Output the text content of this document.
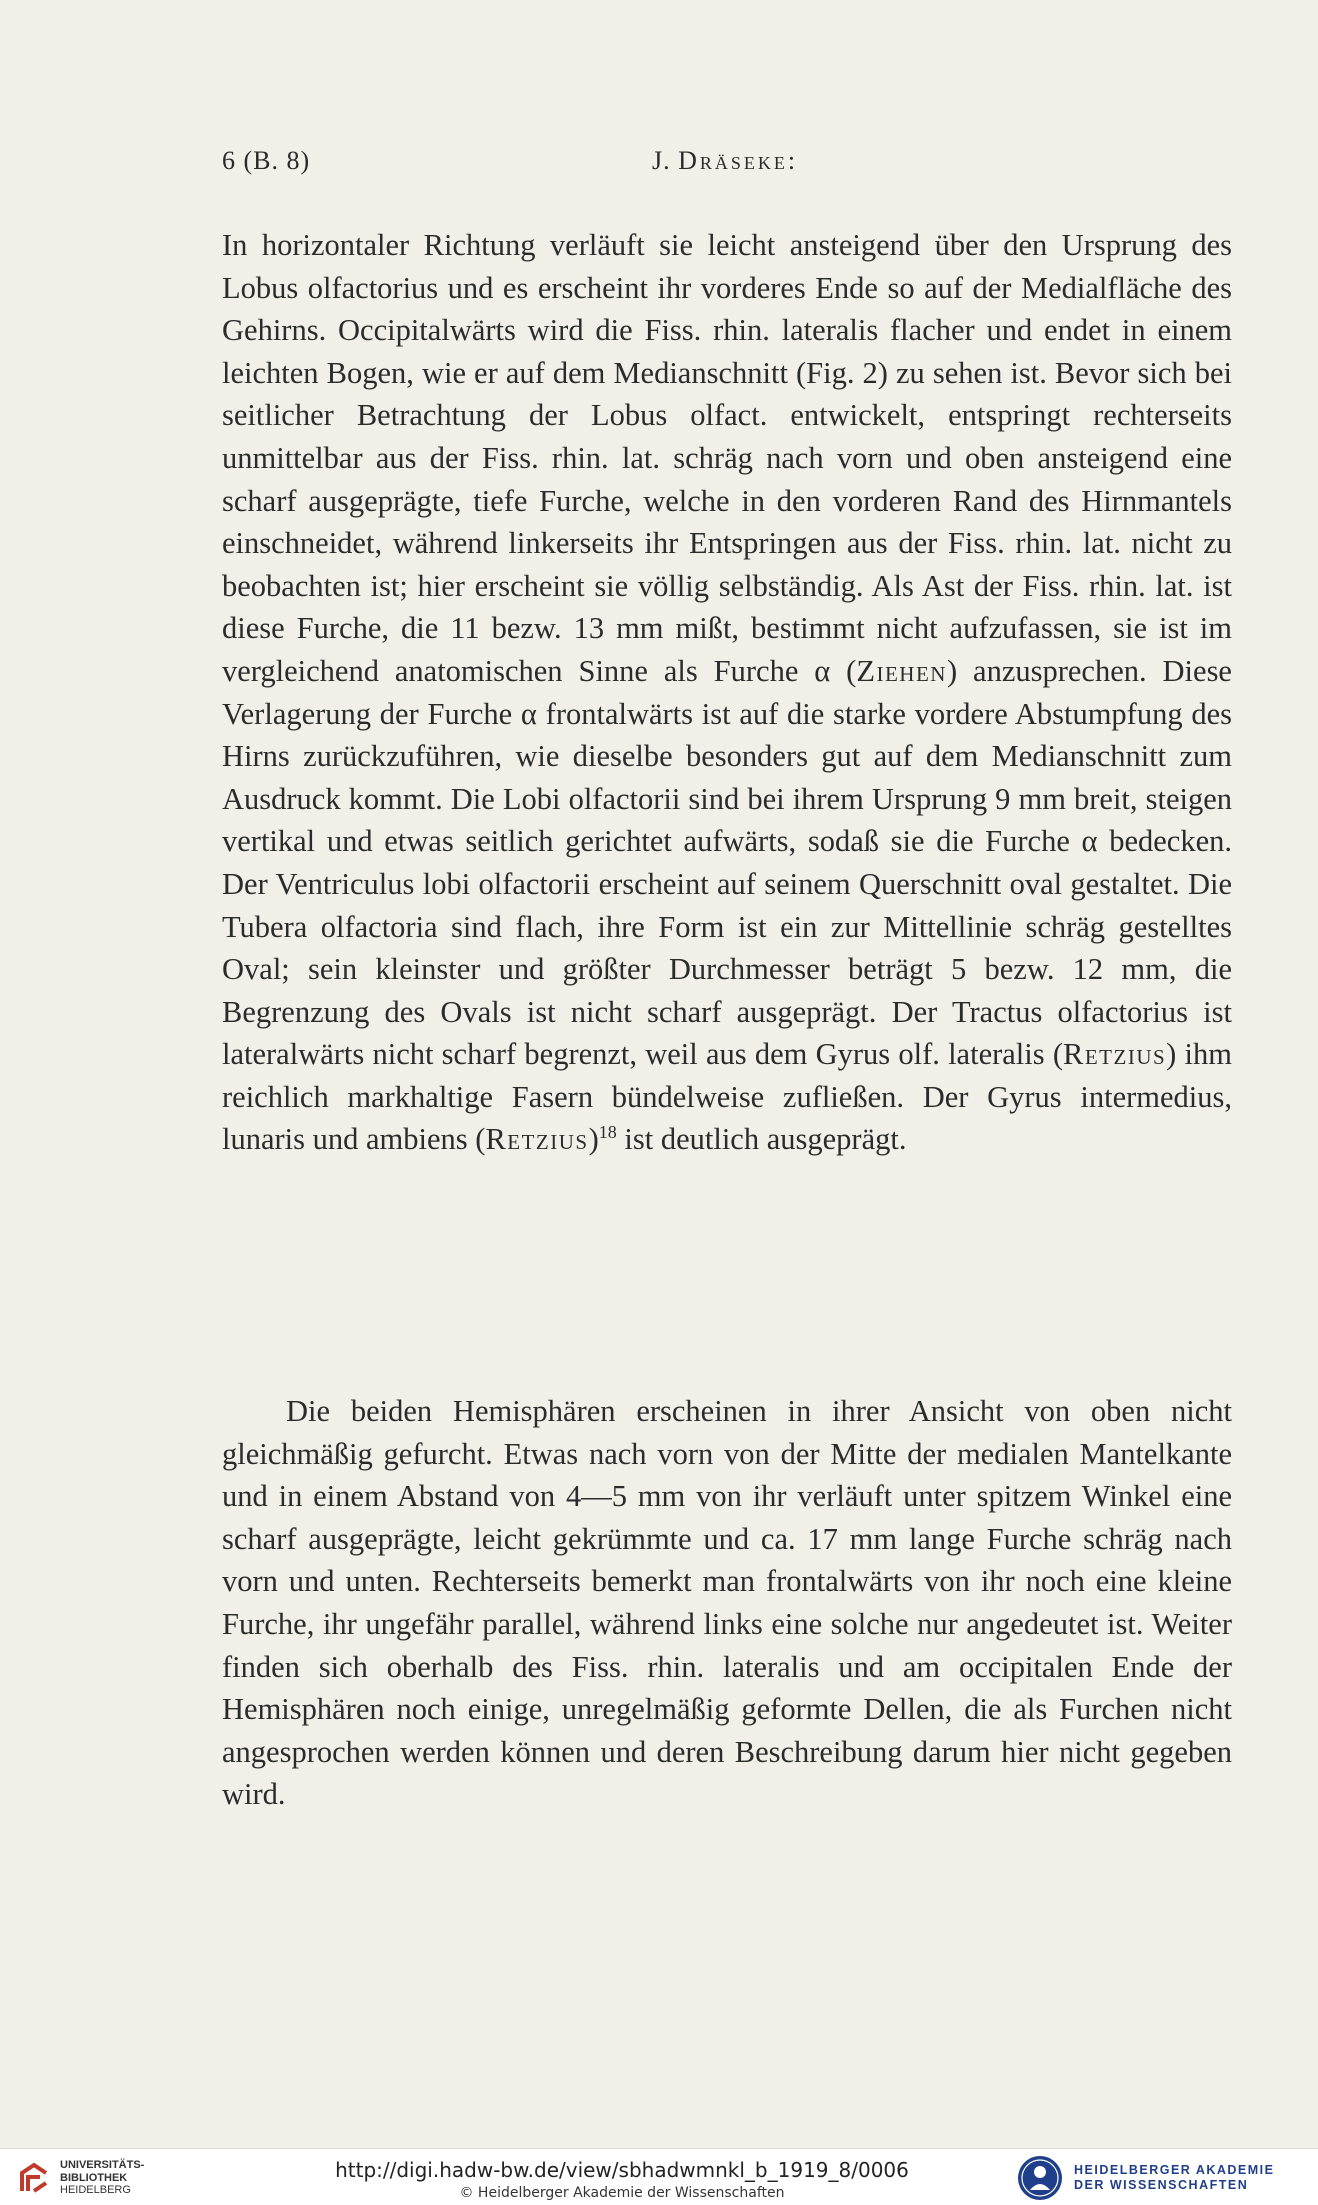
6 (B. 8)	J. Dräseke:
In horizontaler Richtung verläuft sie leicht ansteigend über den Ursprung des Lobus olfactorius und es erscheint ihr vorderes Ende so auf der Medialfläche des Gehirns. Occipitalwärts wird die Fiss. rhin. lateralis flacher und endet in einem leichten Bogen, wie er auf dem Medianschnitt (Fig. 2) zu sehen ist. Bevor sich bei seitlicher Betrachtung der Lobus olfact. entwickelt, entspringt rechterseits unmittelbar aus der Fiss. rhin. lat. schräg nach vorn und oben ansteigend eine scharf ausgeprägte, tiefe Furche, welche in den vorderen Rand des Hirnmantels einschneidet, während linkerseits ihr Entspringen aus der Fiss. rhin. lat. nicht zu beobachten ist; hier erscheint sie völlig selbständig. Als Ast der Fiss. rhin. lat. ist diese Furche, die 11 bezw. 13 mm mißt, bestimmt nicht aufzufassen, sie ist im vergleichend anatomischen Sinne als Furche α (Ziehen) anzusprechen. Diese Verlagerung der Furche α frontalwärts ist auf die starke vordere Abstumpfung des Hirns zurückzuführen, wie dieselbe besonders gut auf dem Medianschnitt zum Ausdruck kommt. Die Lobi olfactorii sind bei ihrem Ursprung 9 mm breit, steigen vertikal und etwas seitlich gerichtet aufwärts, sodaß sie die Furche α bedecken. Der Ventriculus lobi olfactorii erscheint auf seinem Querschnitt oval gestaltet. Die Tubera olfactoria sind flach, ihre Form ist ein zur Mittellinie schräg gestelltes Oval; sein kleinster und größter Durchmesser beträgt 5 bezw. 12 mm, die Begrenzung des Ovals ist nicht scharf ausgeprägt. Der Tractus olfactorius ist lateralwärts nicht scharf begrenzt, weil aus dem Gyrus olf. lateralis (Retzius) ihm reichlich markhaltige Fasern bündelweise zufließen. Der Gyrus intermedius, lunaris und ambiens (Retzius)$^{18}$ ist deutlich ausgeprägt.
Die beiden Hemisphären erscheinen in ihrer Ansicht von oben nicht gleichmäßig gefurcht. Etwas nach vorn von der Mitte der medialen Mantelkante und in einem Abstand von 4—5 mm von ihr verläuft unter spitzem Winkel eine scharf ausgeprägte, leicht gekrümmte und ca. 17 mm lange Furche schräg nach vorn und unten. Rechterseits bemerkt man frontalwärts von ihr noch eine kleine Furche, ihr ungefähr parallel, während links eine solche nur angedeutet ist. Weiter finden sich oberhalb des Fiss. rhin. lateralis und am occipitalen Ende der Hemisphären noch einige, unregelmäßig geformte Dellen, die als Furchen nicht angesprochen werden können und deren Beschreibung darum hier nicht gegeben wird.
UNIVERSITÄTS-
BIBLIOTHEK
HEIDELBERG
http://digi.hadw-bw.de/view/sbhadwmnkl_b_1919_8/0006
© Heidelberger Akademie der Wissenschaften
HEIDELBERGER AKADEMIE
DER WISSENSCHAFTEN
